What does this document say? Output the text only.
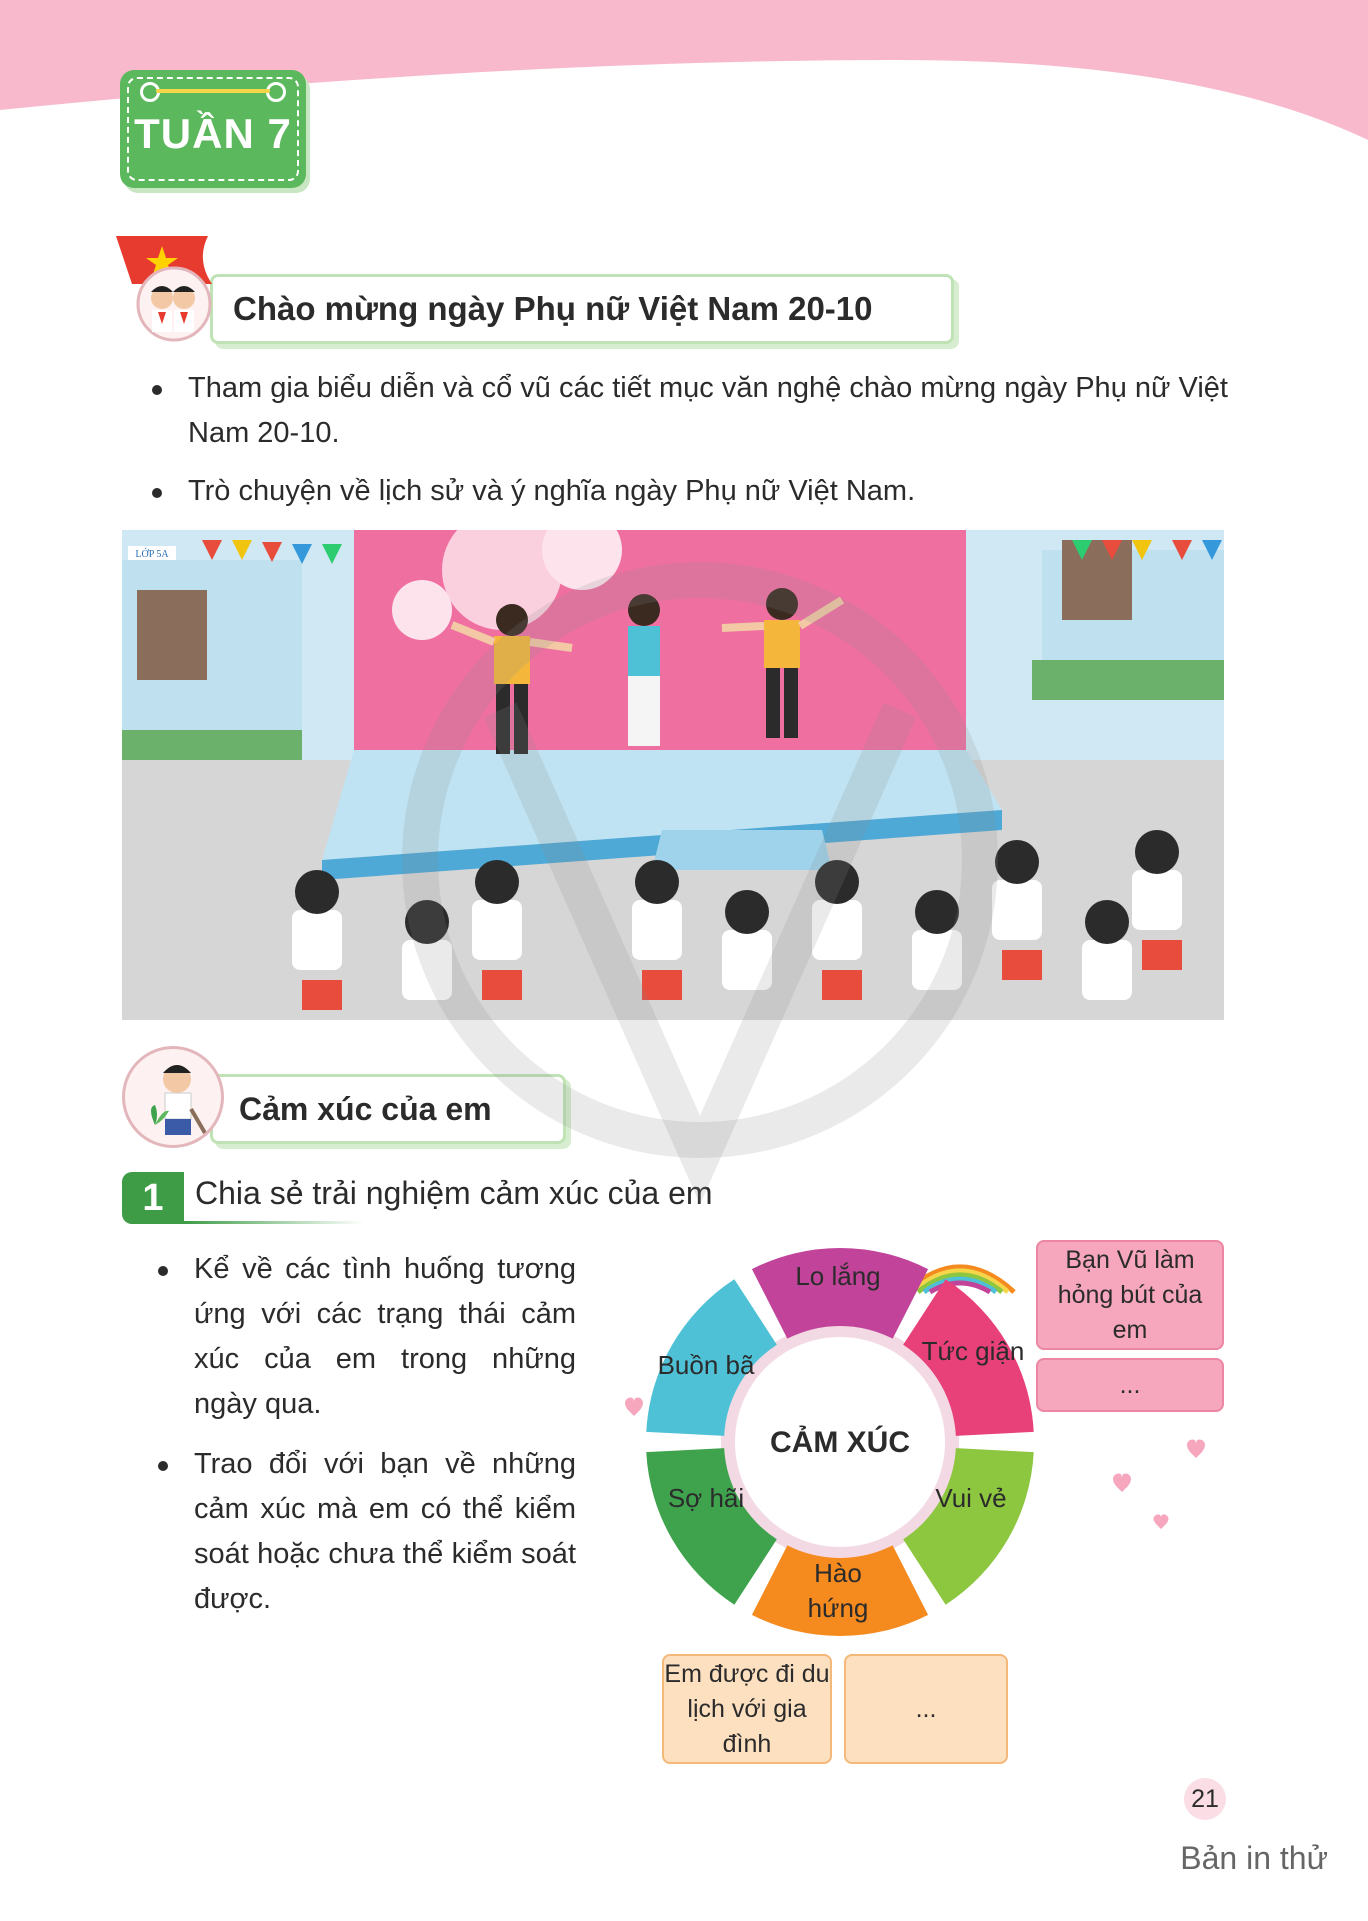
TUẦN 7
Chào mừng ngày Phụ nữ Việt Nam 20-10
Tham gia biểu diễn và cổ vũ các tiết mục văn nghệ chào mừng ngày Phụ nữ Việt Nam 20-10.
Trò chuyện về lịch sử và ý nghĩa ngày Phụ nữ Việt Nam.
LỚP 5A
Cảm xúc của em
1 Chia sẻ trải nghiệm cảm xúc của em
Kể về các tình huống tương ứng với các trạng thái cảm xúc của em trong những ngày qua.
Trao đổi với bạn về những cảm xúc mà em có thể kiểm soát hoặc chưa thể kiểm soát được.
CẢM XÚC
Lo lắng
Tức giận
Vui vẻ
Hào hứng
Sợ hãi
Buồn bã
Bạn Vũ làm hỏng bút của em
...
Em được đi du lịch với gia đình
...
21
Bản in thử
